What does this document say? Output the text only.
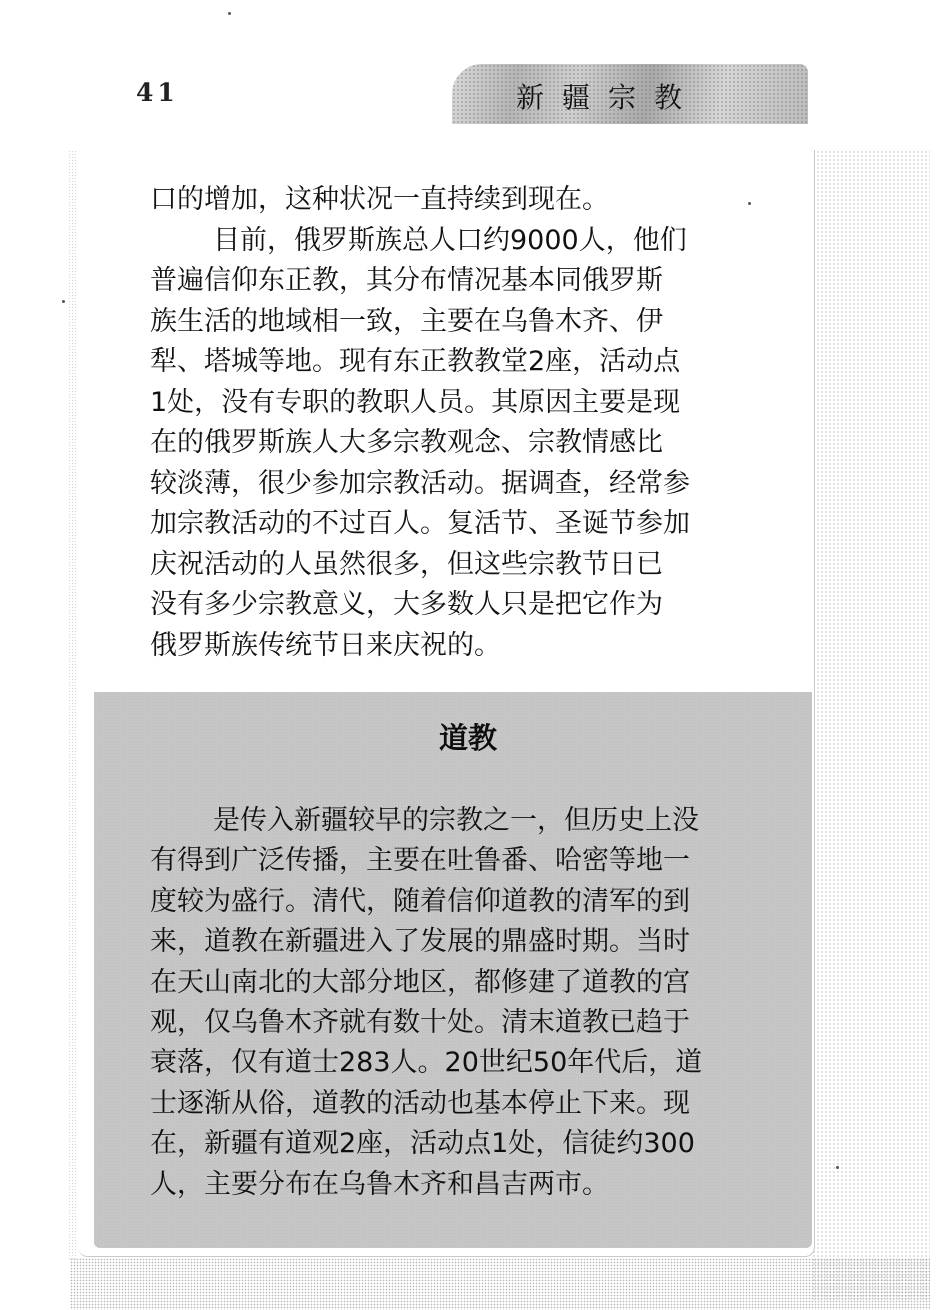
41	新疆宗教
口的增加，这种状况一直持续到现在。
目前，俄罗斯族总人口约9000人，他们
普遍信仰东正教，其分布情况基本同俄罗斯
族生活的地域相一致，主要在乌鲁木齐、伊
犁、塔城等地。现有东正教教堂2座，活动点
1处，没有专职的教职人员。其原因主要是现
在的俄罗斯族人大多宗教观念、宗教情感比
较淡薄，很少参加宗教活动。据调查，经常参
加宗教活动的不过百人。复活节、圣诞节参加
庆祝活动的人虽然很多，但这些宗教节日已
没有多少宗教意义，大多数人只是把它作为
俄罗斯族传统节日来庆祝的。
道教
是传入新疆较早的宗教之一，但历史上没
有得到广泛传播，主要在吐鲁番、哈密等地一
度较为盛行。清代，随着信仰道教的清军的到
来，道教在新疆进入了发展的鼎盛时期。当时
在天山南北的大部分地区，都修建了道教的宫
观，仅乌鲁木齐就有数十处。清末道教已趋于
衰落，仅有道士283人。20世纪50年代后，道
士逐渐从俗，道教的活动也基本停止下来。现
在，新疆有道观2座，活动点1处，信徒约300
人，主要分布在乌鲁木齐和昌吉两市。
